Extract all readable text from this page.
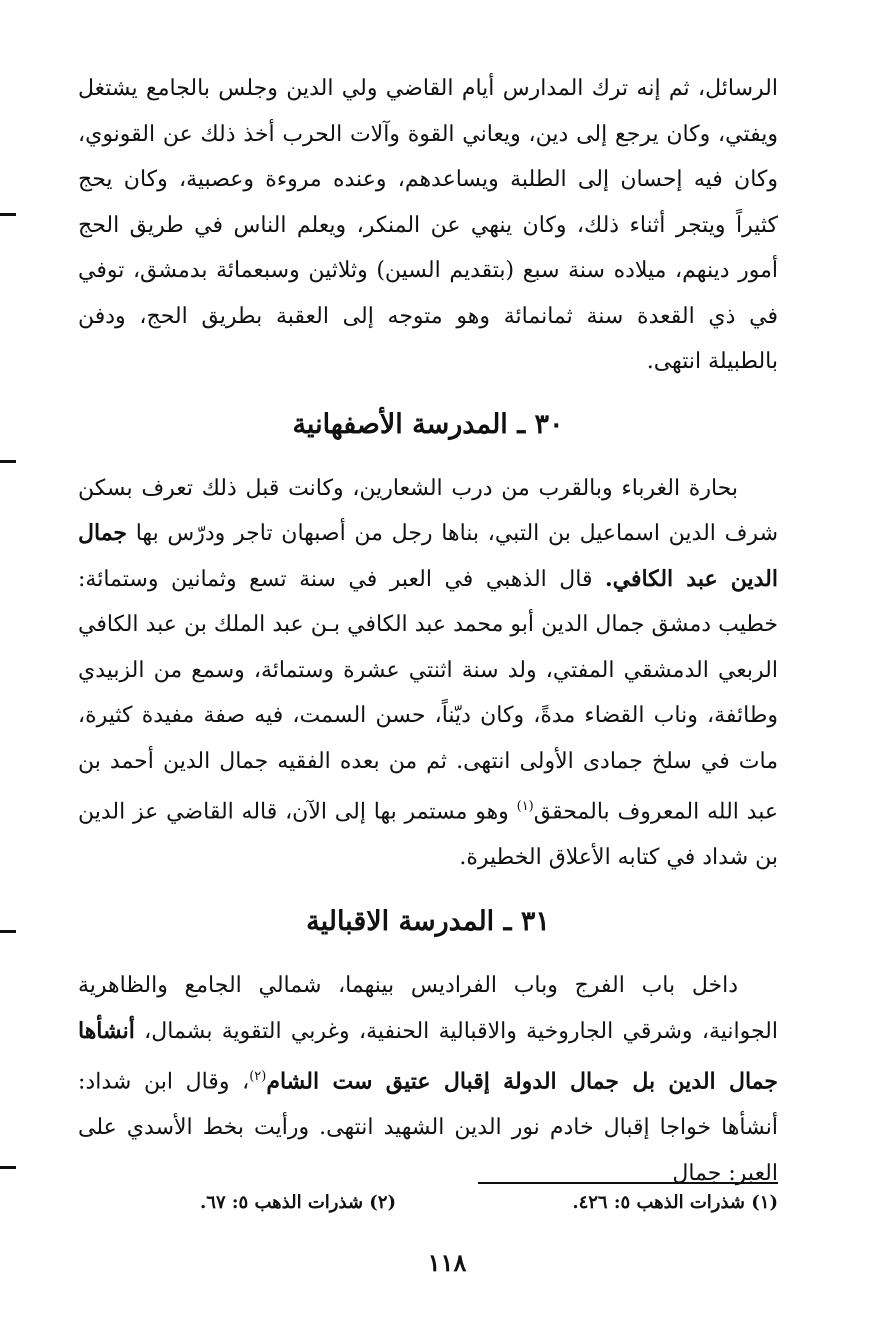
الرسائل، ثم إنه ترك المدارس أيام القاضي ولي الدين وجلس بالجامع يشتغل ويفتي، وكان يرجع إلى دين، ويعاني القوة وآلات الحرب أخذ ذلك عن القونوي، وكان فيه إحسان إلى الطلبة ويساعدهم، وعنده مروءة وعصبية، وكان يحج كثيراً ويتجر أثناء ذلك، وكان ينهي عن المنكر، ويعلم الناس في طريق الحج أمور دينهم، ميلاده سنة سبع (بتقديم السين) وثلاثين وسبعمائة بدمشق، توفي في ذي القعدة سنة ثمانمائة وهو متوجه إلى العقبة بطريق الحج، ودفن بالطبيلة انتهى.

٣٠ ـ المدرسة الأصفهانية

بحارة الغرباء وبالقرب من درب الشعارين، وكانت قبل ذلك تعرف بسكن شرف الدين اسماعيل بن التبي، بناها رجل من أصبهان تاجر ودرّس بها جمال الدين عبد الكافي. قال الذهبي في العبر في سنة تسع وثمانين وستمائة: خطيب دمشق جمال الدين أبو محمد عبد الكافي بـن عبد الملك بن عبد الكافي الربعي الدمشقي المفتي، ولد سنة اثنتي عشرة وستمائة، وسمع من الزبيدي وطائفة، وناب القضاء مدةً، وكان ديّناً، حسن السمت، فيه صفة مفيدة كثيرة، مات في سلخ جمادى الأولى انتهى. ثم من بعده الفقيه جمال الدين أحمد بن عبد الله المعروف بالمحقق$^{(١)}$ وهو مستمر بها إلى الآن، قاله القاضي عز الدين بن شداد في كتابه الأعلاق الخطيرة.

٣١ ـ المدرسة الاقبالية

داخل باب الفرج وباب الفراديس بينهما، شمالي الجامع والظاهرية الجوانية، وشرقي الجاروخية والاقبالية الحنفية، وغربي التقوية بشمال، أنشأها جمال الدين بل جمال الدولة إقبال عتيق ست الشام$^{(٢)}$، وقال ابن شداد: أنشأها خواجا إقبال خادم نور الدين الشهيد انتهى. ورأيت بخط الأسدي على العبر: جمال

(١) شذرات الذهب ٥: ٤٢٦.
(٢) شذرات الذهب ٥: ٦٧.
١١٨
